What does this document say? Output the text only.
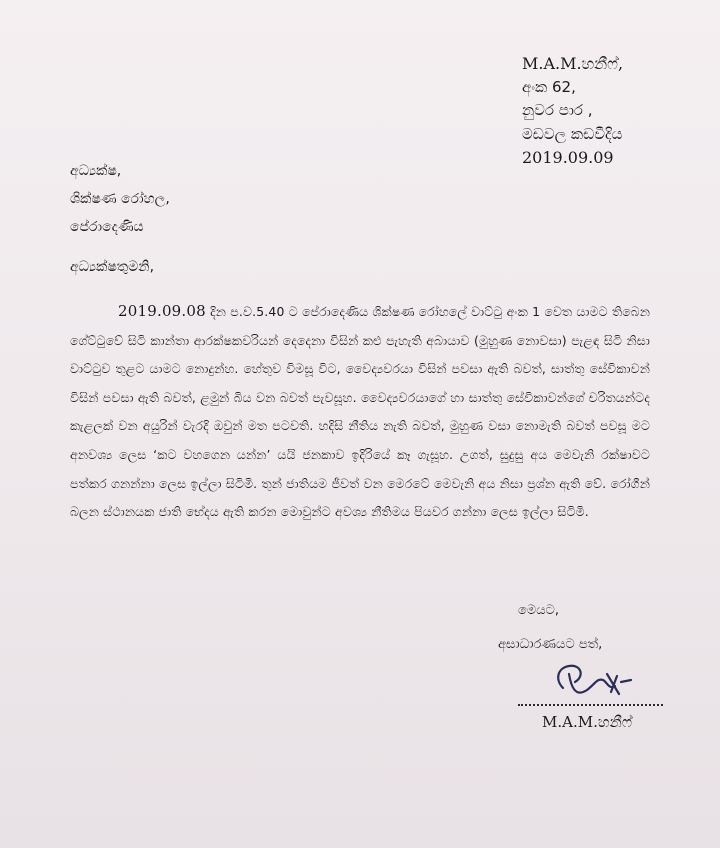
M.A.M.හනීෆ්,
අංක 62,
නුවර පාර ,
මඩවල කඩවීදිය
2019.09.09
අධ්‍යක්ෂ,
ශික්ෂණ රෝහල,
පේරාදෙණිය
අධ්‍යක්ෂතුමනි,
2019.09.08 දින ප.ව.5.40 ට පේරාදෙණිය ශික්ෂණ රෝහලේ වාට්ටු අංක 1 වෙත යාමට තිබෙන ගේට්ටුවේ සිටි කාන්තා ආරක්ෂකවරියන් දෙදෙනා විසින් කළු පැහැති අබායාව (මුහුණ නොවසා) පැළඳ සිටි නිසා වාට්ටුව තුළට යාමට නොදුන්හ. හේතුව විමසූ විට, වෛද්‍යවරයා විසින් පවසා ඇති බවත්, සාත්තු සේවිකාවන් විසින් පවසා ඇති බවත්, ළමුන් බිය වන බවත් පැවසූහ. වෛද්‍යවරයාගේ හා සාත්තු සේවිකාවන්ගේ චරිතයන්ටද කැළලක් වන අයුරින් වැරදි ඔවුන් මත පටවති. හදිසි නීතිය නැති බවත්, මුහුණ වසා නොමැති බවත් පවසූ මට අනවශ්‍ය ලෙස ‘කට වහගෙන යන්න’ යයි ජනකාව ඉදිරියේ කෑ ගැසූහ. උගත්, සුදුසු අය මෙවැනි රක්ෂාවට පත්කර ගනන්නා ලෙස ඉල්ලා සිටිමි. තුන් ජාතියම ජීවත් වන මෙරටේ මෙවැනි අය නිසා ප්‍රශ්න ඇති වේ. රෝගීන් බලන ස්ථානයක ජාති භේදය ඇති කරන මොවුන්ට අවශ්‍ය නීතිමය පියවර ගන්නා ලෙස ඉල්ලා සිටිමි.
මෙයට,
අසාධාරණයට පත්,
M.A.M.හනීෆ්
